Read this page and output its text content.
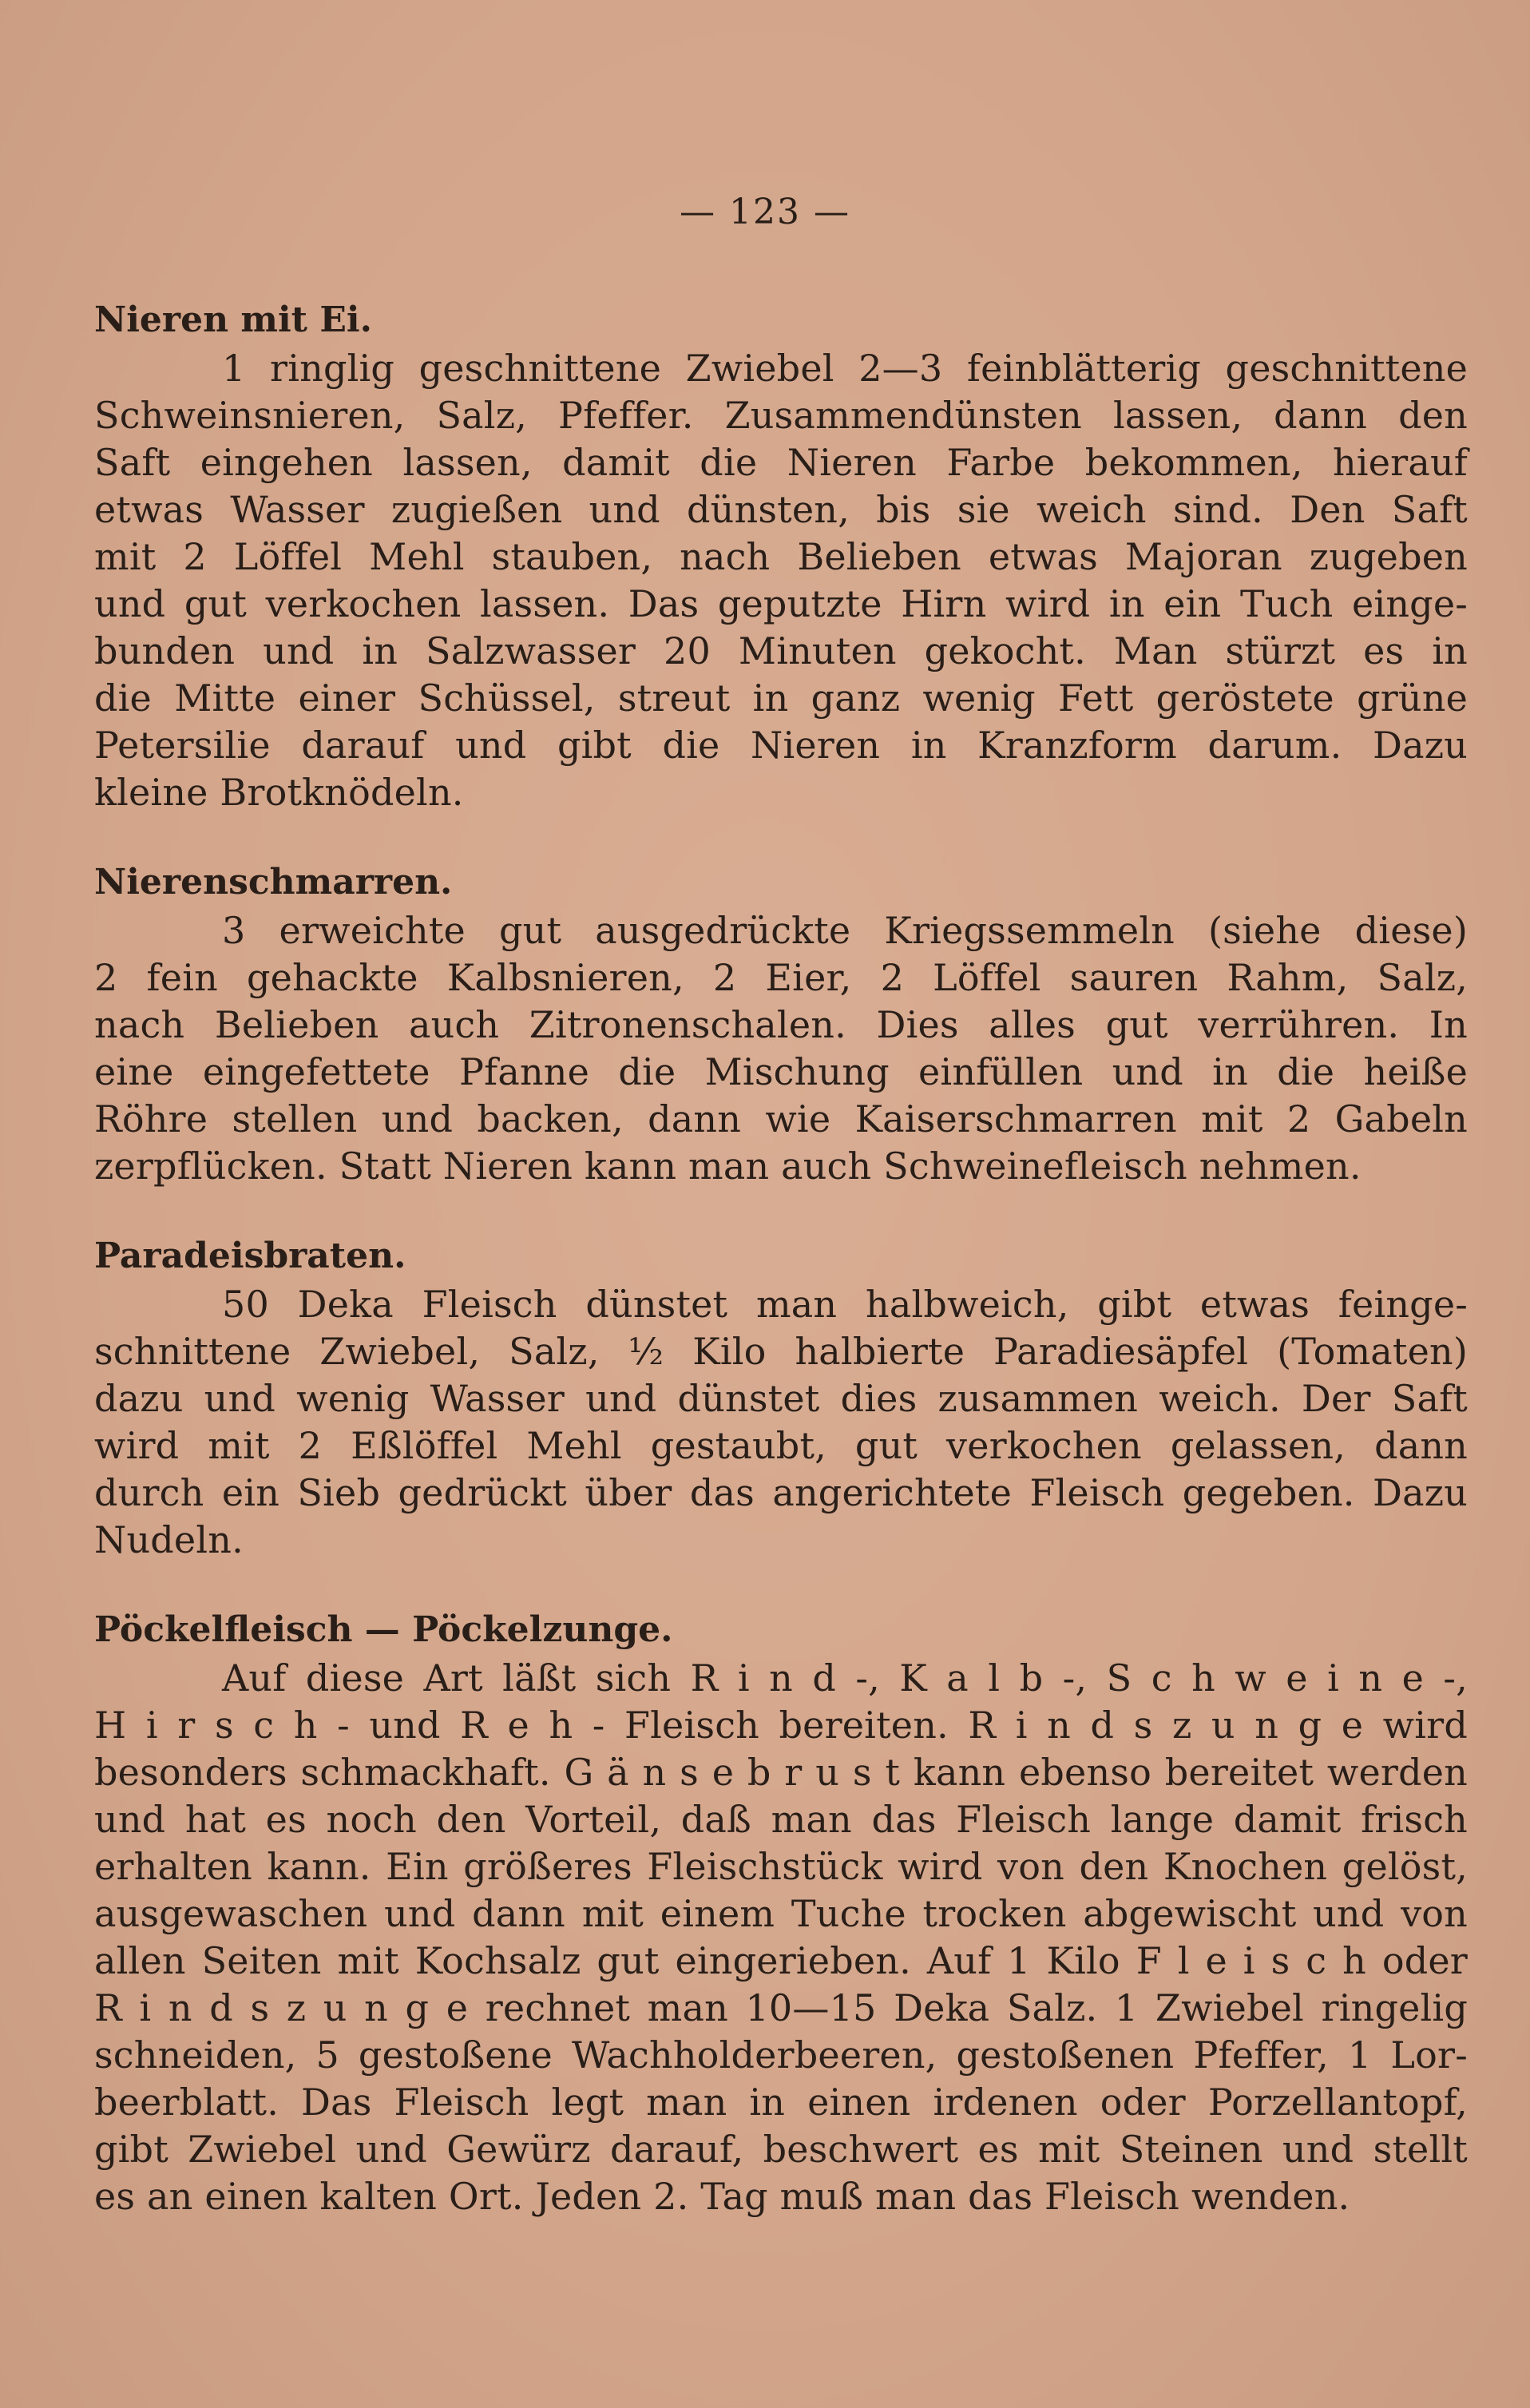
— 123 —
Nieren mit Ei.
1 ringlig geschnittene Zwiebel 2—3 feinblätterig geschnittene
Schweinsnieren, Salz, Pfeffer. Zusammendünsten lassen, dann den
Saft eingehen lassen, damit die Nieren Farbe bekommen, hierauf
etwas Wasser zugießen und dünsten, bis sie weich sind. Den Saft
mit 2 Löffel Mehl stauben, nach Belieben etwas Majoran zugeben
und gut verkochen lassen. Das geputzte Hirn wird in ein Tuch einge-
bunden und in Salzwasser 20 Minuten gekocht. Man stürzt es in
die Mitte einer Schüssel, streut in ganz wenig Fett geröstete grüne
Petersilie darauf und gibt die Nieren in Kranzform darum. Dazu
kleine Brotknödeln.
Nierenschmarren.
3 erweichte gut ausgedrückte Kriegssemmeln (siehe diese)
2 fein gehackte Kalbsnieren, 2 Eier, 2 Löffel sauren Rahm, Salz,
nach Belieben auch Zitronenschalen. Dies alles gut verrühren. In
eine eingefettete Pfanne die Mischung einfüllen und in die heiße
Röhre stellen und backen, dann wie Kaiserschmarren mit 2 Gabeln
zerpflücken. Statt Nieren kann man auch Schweinefleisch nehmen.
Paradeisbraten.
50 Deka Fleisch dünstet man halbweich, gibt etwas feinge-
schnittene Zwiebel, Salz, ½ Kilo halbierte Paradiesäpfel (Tomaten)
dazu und wenig Wasser und dünstet dies zusammen weich. Der Saft
wird mit 2 Eßlöffel Mehl gestaubt, gut verkochen gelassen, dann
durch ein Sieb gedrückt über das angerichtete Fleisch gegeben. Dazu
Nudeln.
Pöckelfleisch — Pöckelzunge.
Auf diese Art läßt sich R i n d -, K a l b -, S c h w e i n e -,
H i r s c h - und R e h - Fleisch bereiten. R i n d s z u n g e wird
besonders schmackhaft. G ä n s e b r u s t kann ebenso bereitet werden
und hat es noch den Vorteil, daß man das Fleisch lange damit frisch
erhalten kann. Ein größeres Fleischstück wird von den Knochen gelöst,
ausgewaschen und dann mit einem Tuche trocken abgewischt und von
allen Seiten mit Kochsalz gut eingerieben. Auf 1 Kilo F l e i s c h oder
R i n d s z u n g e rechnet man 10—15 Deka Salz. 1 Zwiebel ringelig
schneiden, 5 gestoßene Wachholderbeeren, gestoßenen Pfeffer, 1 Lor-
beerblatt. Das Fleisch legt man in einen irdenen oder Porzellantopf,
gibt Zwiebel und Gewürz darauf, beschwert es mit Steinen und stellt
es an einen kalten Ort. Jeden 2. Tag muß man das Fleisch wenden.
